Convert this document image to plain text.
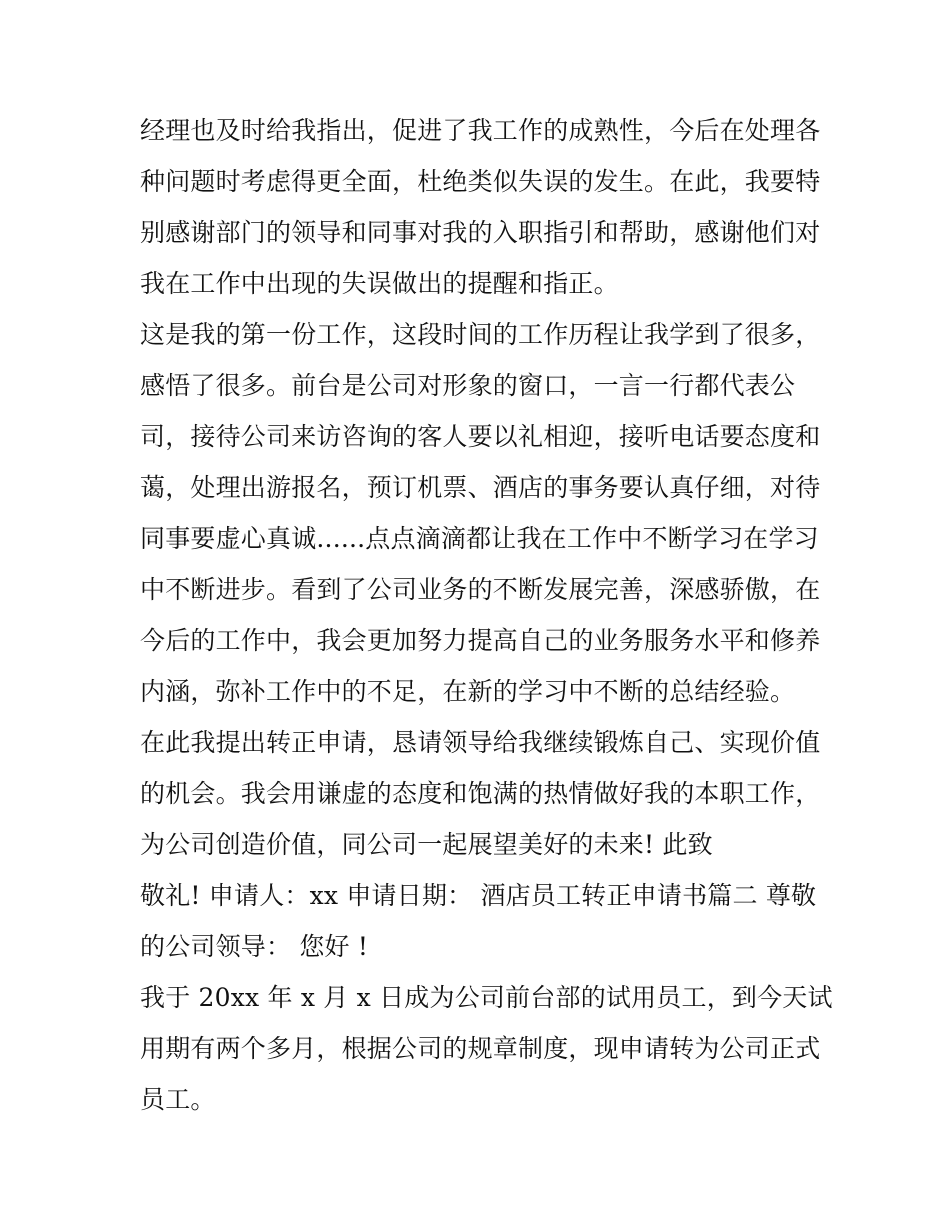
经理也及时给我指出，促进了我工作的成熟性，今后在处理各
种问题时考虑得更全面，杜绝类似失误的发生。在此，我要特
别感谢部门的领导和同事对我的入职指引和帮助，感谢他们对
我在工作中出现的失误做出的提醒和指正。
这是我的第一份工作，这段时间的工作历程让我学到了很多，
感悟了很多。前台是公司对形象的窗口，一言一行都代表公
司，接待公司来访咨询的客人要以礼相迎，接听电话要态度和
蔼，处理出游报名，预订机票、酒店的事务要认真仔细，对待
同事要虚心真诚......点点滴滴都让我在工作中不断学习在学习
中不断进步。看到了公司业务的不断发展完善，深感骄傲，在
今后的工作中，我会更加努力提高自己的业务服务水平和修养
内涵，弥补工作中的不足，在新的学习中不断的总结经验。
在此我提出转正申请，恳请领导给我继续锻炼自己、实现价值
的机会。我会用谦虚的态度和饱满的热情做好我的本职工作，
为公司创造价值，同公司一起展望美好的未来! 此致
敬礼! 申请人：xx 申请日期： 酒店员工转正申请书篇二 尊敬
的公司领导： 您好 !
我于 20xx 年 x 月 x 日成为公司前台部的试用员工，到今天试
用期有两个多月，根据公司的规章制度，现申请转为公司正式
员工。
